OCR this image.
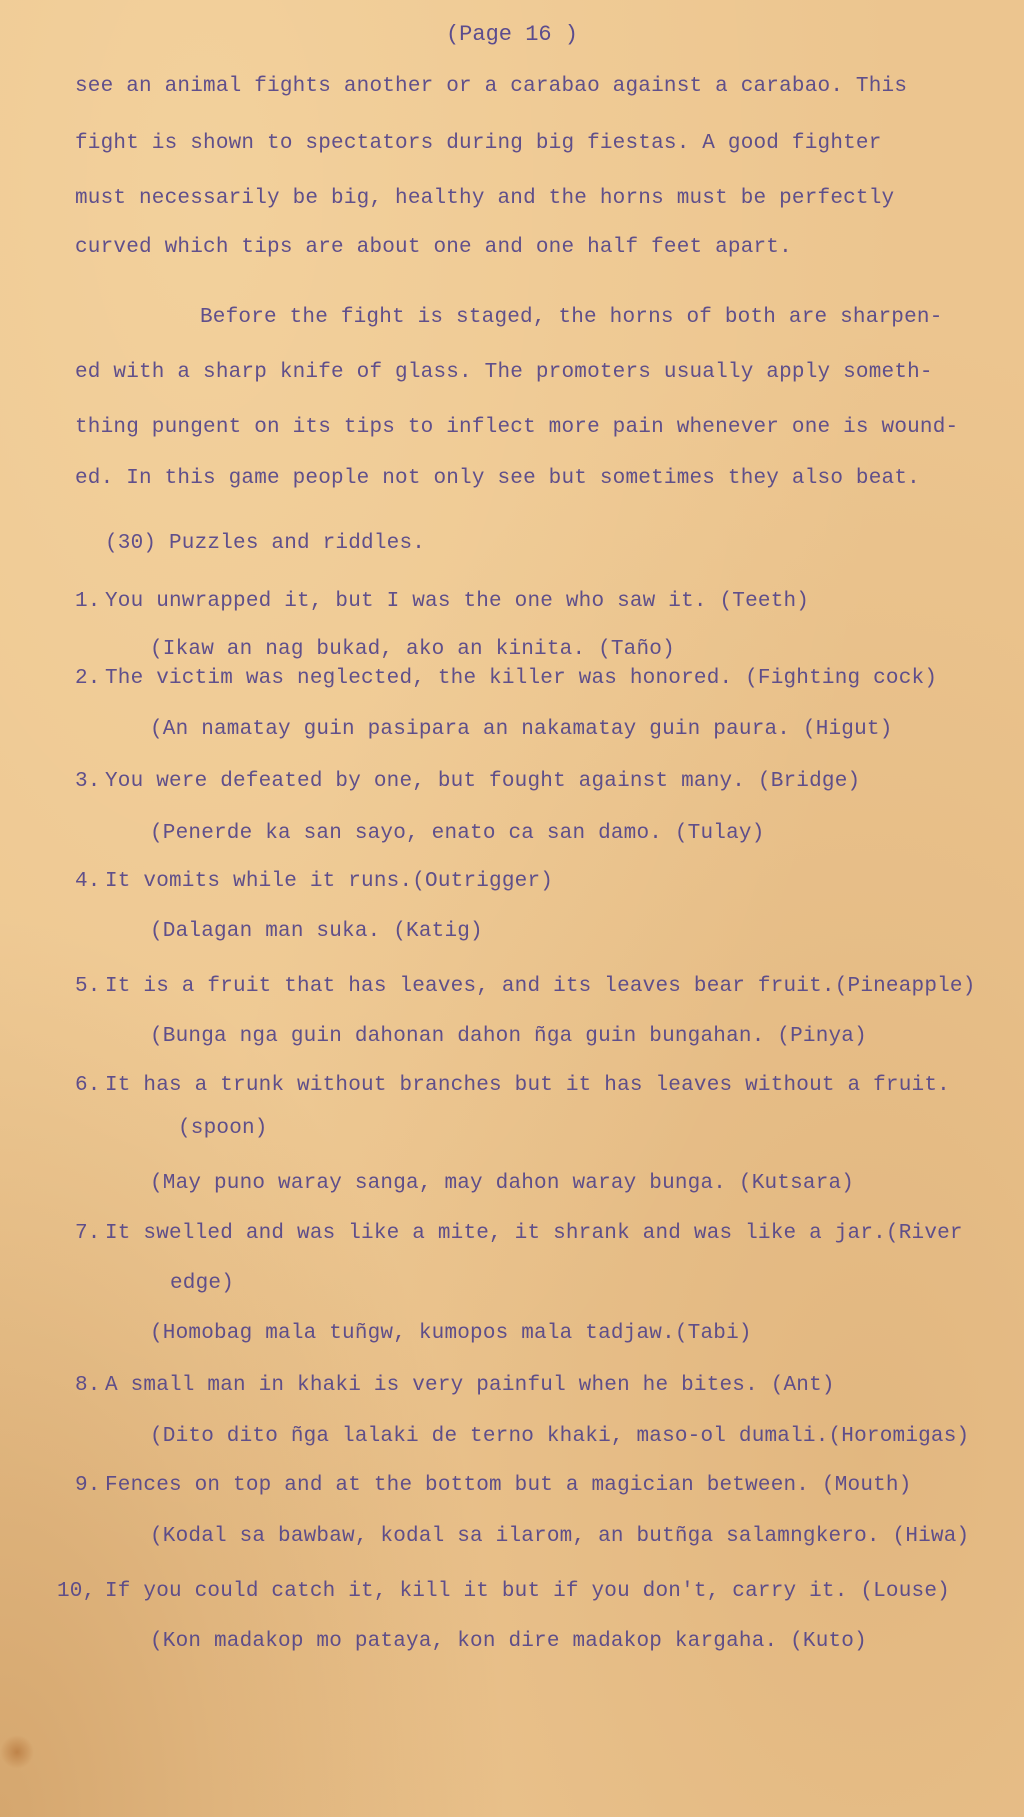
(Page 16 )
see an animal fights another or a carabao against a carabao. This
fight is shown to spectators during big fiestas. A good fighter
must necessarily be big, healthy and the horns must be perfectly
curved which tips are about one and one half feet apart.
Before the fight is staged, the horns of both are sharpen-
ed with a sharp knife of glass. The promoters usually apply someth-
thing pungent on its tips to inflect more pain whenever one is wound-
ed. In this game people not only see but sometimes they also beat.
(30) Puzzles and riddles.
1. You unwrapped it, but I was the one who saw it. (Teeth)
(Ikaw an nag bukad, ako an kinita. (Taño)
2. The victim was neglected, the killer was honored. (Fighting cock)
(An namatay guin pasipara an nakamatay guin paura. (Higut)
3. You were defeated by one, but fought against many. (Bridge)
(Penerde ka san sayo, enato ca san damo. (Tulay)
4. It vomits while it runs.(Outrigger)
(Dalagan man suka. (Katig)
5. It is a fruit that has leaves, and its leaves bear fruit.(Pineapple)
(Bunga nga guin dahonan dahon ñga guin bungahan. (Pinya)
6. It has a trunk without branches but it has leaves without a fruit.
(spoon)
(May puno waray sanga, may dahon waray bunga. (Kutsara)
7. It swelled and was like a mite, it shrank and was like a jar.(River
edge)
(Homobag mala tuñgw, kumopos mala tadjaw.(Tabi)
8. A small man in khaki is very painful when he bites. (Ant)
(Dito dito ñga lalaki de terno khaki, maso-ol dumali.(Horomigas)
9. Fences on top and at the bottom but a magician between. (Mouth)
(Kodal sa bawbaw, kodal sa ilarom, an butñga salamngkero. (Hiwa)
10, If you could catch it, kill it but if you don't, carry it. (Louse)
(Kon madakop mo pataya, kon dire madakop kargaha. (Kuto)
